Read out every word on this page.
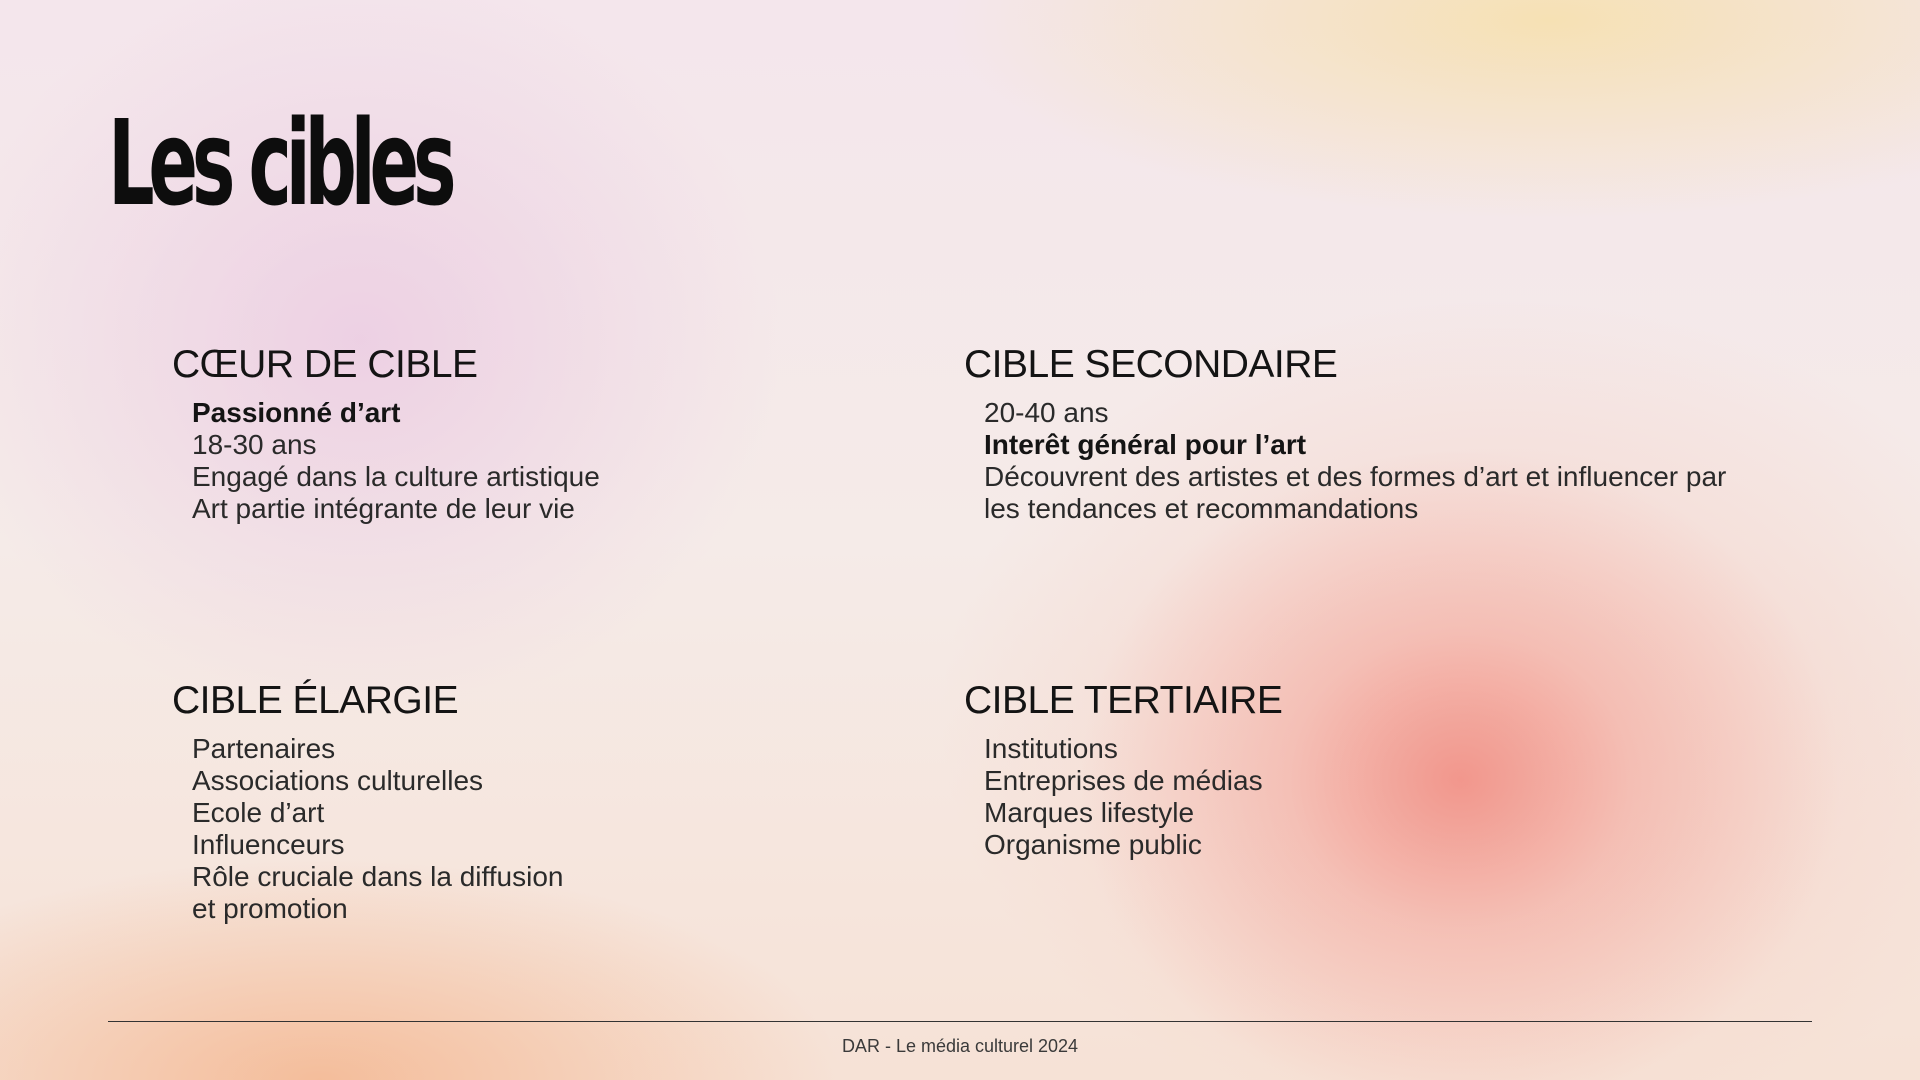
Les cibles
CŒUR DE CIBLE
Passionné d’art
18-30 ans
Engagé dans la culture artistique
Art partie intégrante de leur vie
CIBLE SECONDAIRE
20-40 ans
Interêt général pour l’art
Découvrent des artistes et des formes d’art et influencer par
les tendances et recommandations
CIBLE ÉLARGIE
Partenaires
Associations culturelles
Ecole d’art
Influenceurs
Rôle cruciale dans la diffusion
et promotion
CIBLE TERTIAIRE
Institutions
Entreprises de médias
Marques lifestyle
Organisme public
DAR - Le média culturel 2024
